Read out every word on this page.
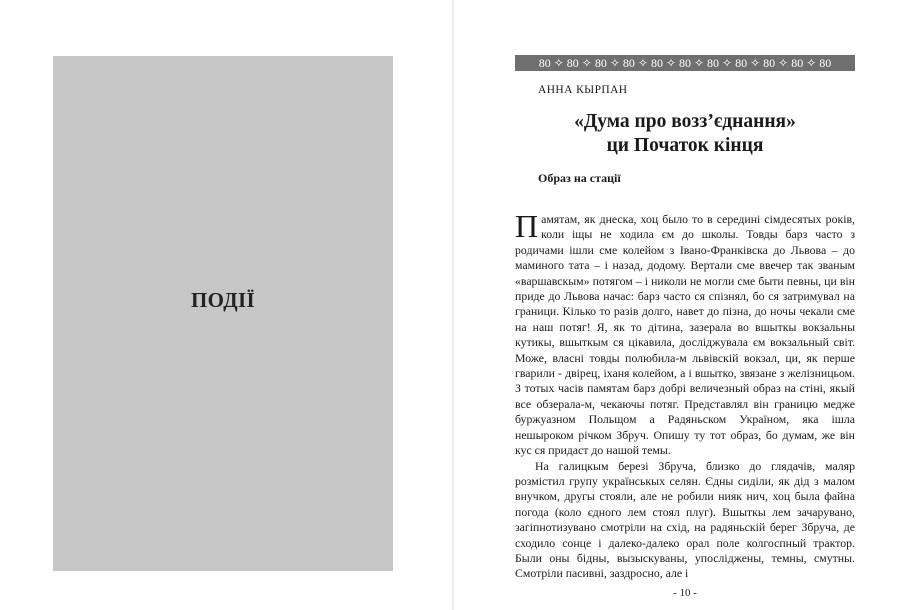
ПОДІЇ
80 ✧ 80 ✧ 80 ✧ 80 ✧ 80 ✧ 80 ✧ 80 ✧ 80 ✧ 80 ✧ 80 ✧ 80
АННА КЫРПАН
«Дума про возз’єднання»
ци Початок кінця
Образ на стації

Памятам, як днеска, хоц было то в середині сімдесятых років, коли іщы не ходила єм до школы. Товды барз часто з родичами ішли сме колейом з Івано-Франківска до Львова – до маминого тата – і назад, додому. Вертали сме ввечер так званым «варшавскым» потягом – і николи не могли сме быти певны, ци він приде до Львова начас: барз часто ся спізнял, бо ся затримувал на граници. Кілько то разів долго, навет до пізна, до ночы чекали сме на наш потяг! Я, як то дітина, зазерала во вшыткы вокзальны кутикы, вшыткым ся цікавила, досліджувала єм вокзальный світ. Може, власні товды полюбила-м львівскій вокзал, ци, як перше гварили - двірец, іханя колейом, а і вшытко, звязане з желізницьом. З тотых часів памятам барз добрі величезный образ на стіні, якый все обзерала-м, чекаючы потяг. Представлял він границю медже буржуазном Польщом а Радяньском Україном, яка ішла нешыроком річком Збруч. Опишу ту тот образ, бо думам, же він кус ся придаст до нашой темы.

На галицкым березі Збруча, близко до глядачів, маляр розмістил групу українськых селян. Єдны сиділи, як дід з малом внучком, другы стояли, але не робили нияк нич, хоц была файна погода (коло єдного лем стоял плуг). Вшыткы лем зачарувано, загіпнотизувано смотріли на схід, на радяньскій берег Збруча, де сходило сонце і далеко-далеко орал поле колгоспный трактор. Были оны бідны, вызыскуваны, упосліджены, темны, смутны. Смотріли пасивні, заздросно, але і

- 10 -
